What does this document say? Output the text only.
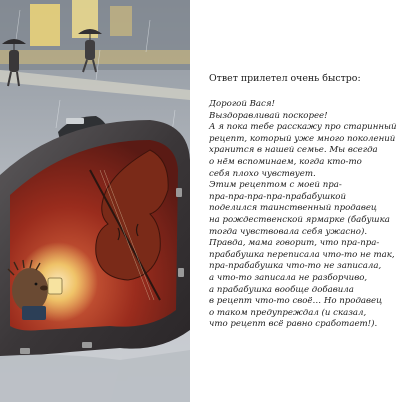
Ответ прилетел очень быстро:

Дорогой Вася!
Выздоравливай поскорее!
А я пока тебе расскажу про старинный
рецепт, который уже много поколений
хранится в нашей семье. Мы всегда
о нём вспоминаем, когда кто-то
себя плохо чувствует.
Этим рецептом с моей пра-
пра-пра-пра-пра-прабабушкой
поделился таинственный продавец
на рождественской ярмарке (бабушка
тогда чувствовала себя ужасно).
Правда, мама говорит, что пра-пра-
прабабушка переписала что-то не так,
пра-прабабушка что-то не записала,
а что-то записала не разборчиво,
а прабабушка вообще добавила
в рецепт что-то своё… Но продавец
о таком предупреждал (и сказал,
что рецепт всё равно сработает!).
